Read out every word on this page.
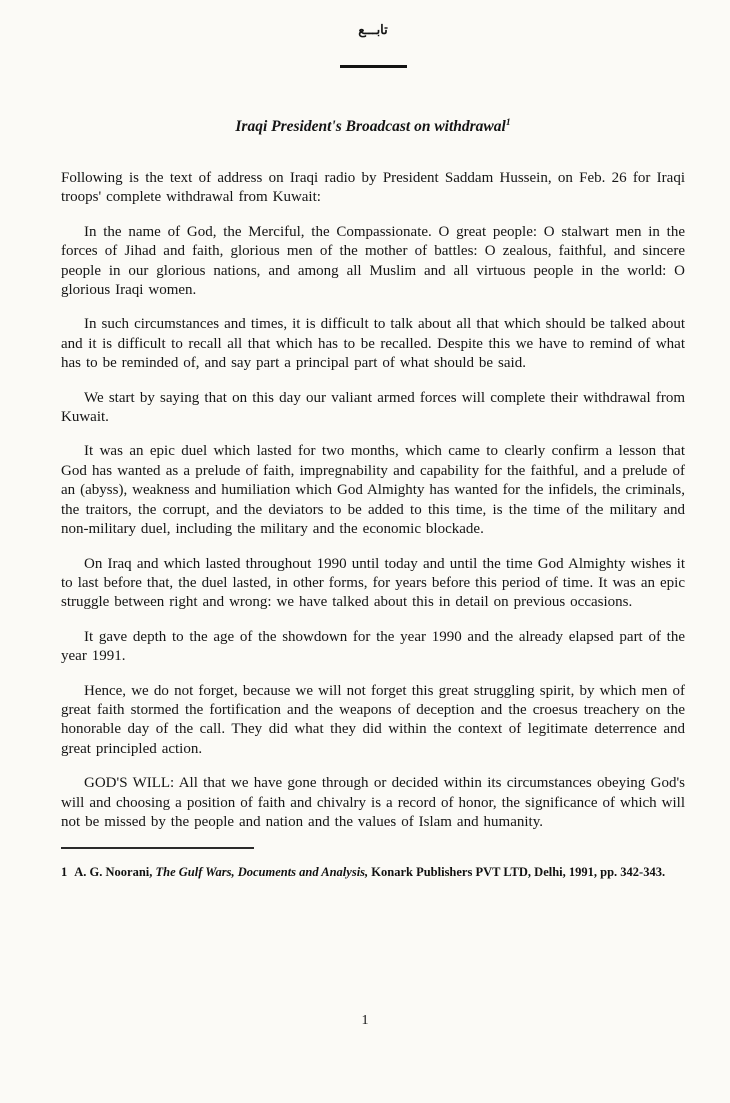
تابـــع
Iraqi President's Broadcast on withdrawal$^1$

Following is the text of address on Iraqi radio by President Saddam Hussein, on Feb. 26 for Iraqi troops' complete withdrawal from Kuwait:

In the name of God, the Merciful, the Compassionate. O great people: O stalwart men in the forces of Jihad and faith, glorious men of the mother of battles: O zealous, faithful, and sincere people in our glorious nations, and among all Muslim and all virtuous people in the world: O glorious Iraqi women.

In such circumstances and times, it is difficult to talk about all that which should be talked about and it is difficult to recall all that which has to be recalled. Despite this we have to remind of what has to be reminded of, and say part a principal part of what should be said.

We start by saying that on this day our valiant armed forces will complete their withdrawal from Kuwait.

It was an epic duel which lasted for two months, which came to clearly confirm a lesson that God has wanted as a prelude of faith, impregnability and capability for the faithful, and a prelude of an (abyss), weakness and humiliation which God Almighty has wanted for the infidels, the criminals, the traitors, the corrupt, and the deviators to be added to this time, is the time of the military and non-military duel, including the military and the economic blockade.

On Iraq and which lasted throughout 1990 until today and until the time God Almighty wishes it to last before that, the duel lasted, in other forms, for years before this period of time. It was an epic struggle between right and wrong: we have talked about this in detail on previous occasions.

It gave depth to the age of the showdown for the year 1990 and the already elapsed part of the year 1991.

Hence, we do not forget, because we will not forget this great struggling spirit, by which men of great faith stormed the fortification and the weapons of deception and the croesus treachery on the honorable day of the call. They did what they did within the context of legitimate deterrence and great principled action.

GOD'S WILL: All that we have gone through or decided within its circumstances obeying God's will and choosing a position of faith and chivalry is a record of honor, the significance of which will not be missed by the people and nation and the values of Islam and humanity.

1 A. G. Noorani, The Gulf Wars, Documents and Analysis, Konark Publishers PVT LTD, Delhi, 1991, pp. 342-343.
1
